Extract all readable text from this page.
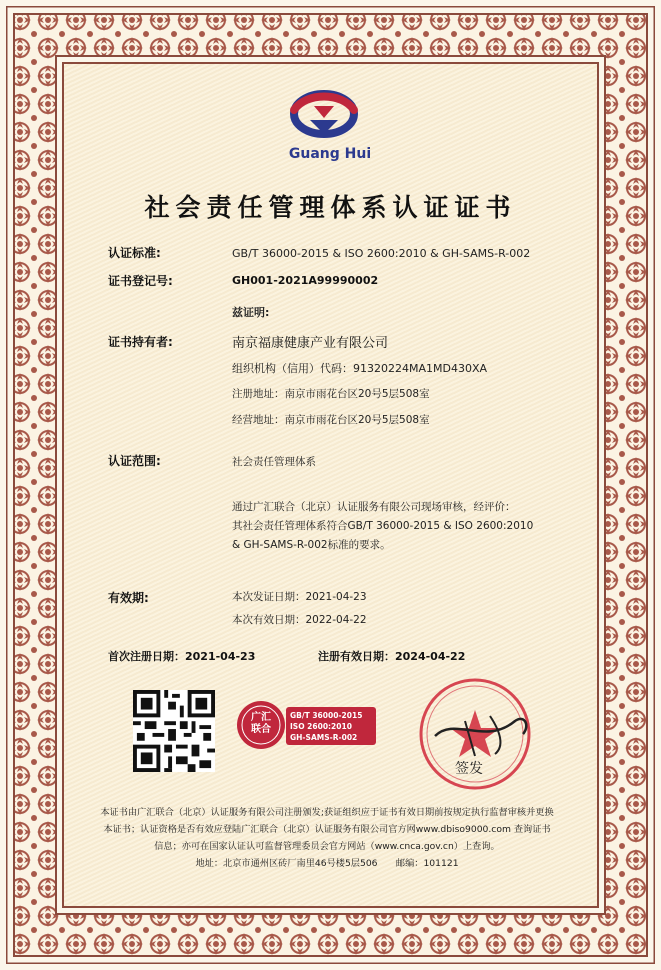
Guang Hui
社会责任管理体系认证证书
认证标准:	GB/T 36000-2015 & ISO 2600:2010 & GH-SAMS-R-002
证书登记号:	GH001-2021A99990002
兹证明:
证书持有者:	南京福康健康产业有限公司
组织机构（信用）代码：91320224MA1MD430XA
注册地址：南京市雨花台区20号5层508室
经营地址：南京市雨花台区20号5层508室
认证范围:	社会责任管理体系
通过广汇联合（北京）认证服务有限公司现场审核，经评价：
其社会责任管理体系符合GB/T 36000-2015 & ISO 2600:2010
& GH-SAMS-R-002标准的要求。
有效期:	本次发证日期：2021-04-23
本次有效日期：2022-04-22
首次注册日期：2021-04-23	注册有效日期：2024-04-22
广汇联合
GB/T 36000-2015
ISO 2600:2010
GH-SAMS-R-002
签发
本证书由广汇联合（北京）认证服务有限公司注册颁发;获证组织应于证书有效日期前按规定执行监督审核并更换
本证书；认证资格是否有效应登陆广汇联合（北京）认证服务有限公司官方网www.dbiso9000.com 查询证书
信息；亦可在国家认证认可监督管理委员会官方网站（www.cnca.gov.cn）上查询。
地址：北京市通州区砖厂南里46号楼5层506　　邮编：101121
